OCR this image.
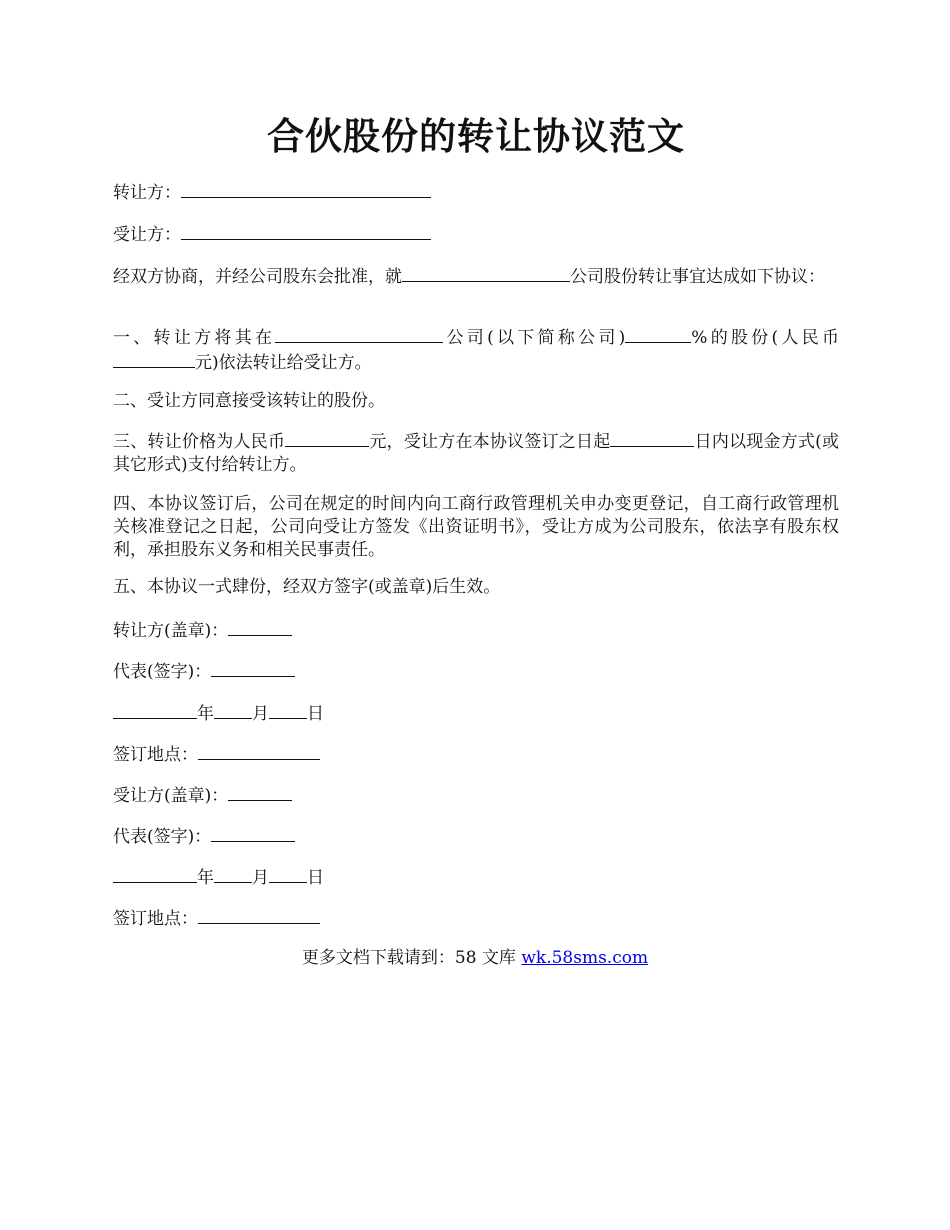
合伙股份的转让协议范文

转让方：

受让方：

经双方协商，并经公司股东会批准，就	公司股份转让事宜达成如下协议：

一、转让方将其在	公司(以下简称公司)	%的股份(人民币元)依法转让给受让方。

二、受让方同意接受该转让的股份。

三、转让价格为人民币	元，受让方在本协议签订之日起	日内以现金方式(或其它形式)支付给转让方。

四、本协议签订后，公司在规定的时间内向工商行政管理机关申办变更登记，自工商行政管理机关核准登记之日起，公司向受让方签发《出资证明书》，受让方成为公司股东，依法享有股东权利，承担股东义务和相关民事责任。

五、本协议一式肆份，经双方签字(或盖章)后生效。

转让方(盖章)：

代表(签字)：

年 月 日

签订地点：

受让方(盖章)：

代表(签字)：

年 月 日

签订地点：

更多文档下载请到：58 文库 wk.58sms.com
